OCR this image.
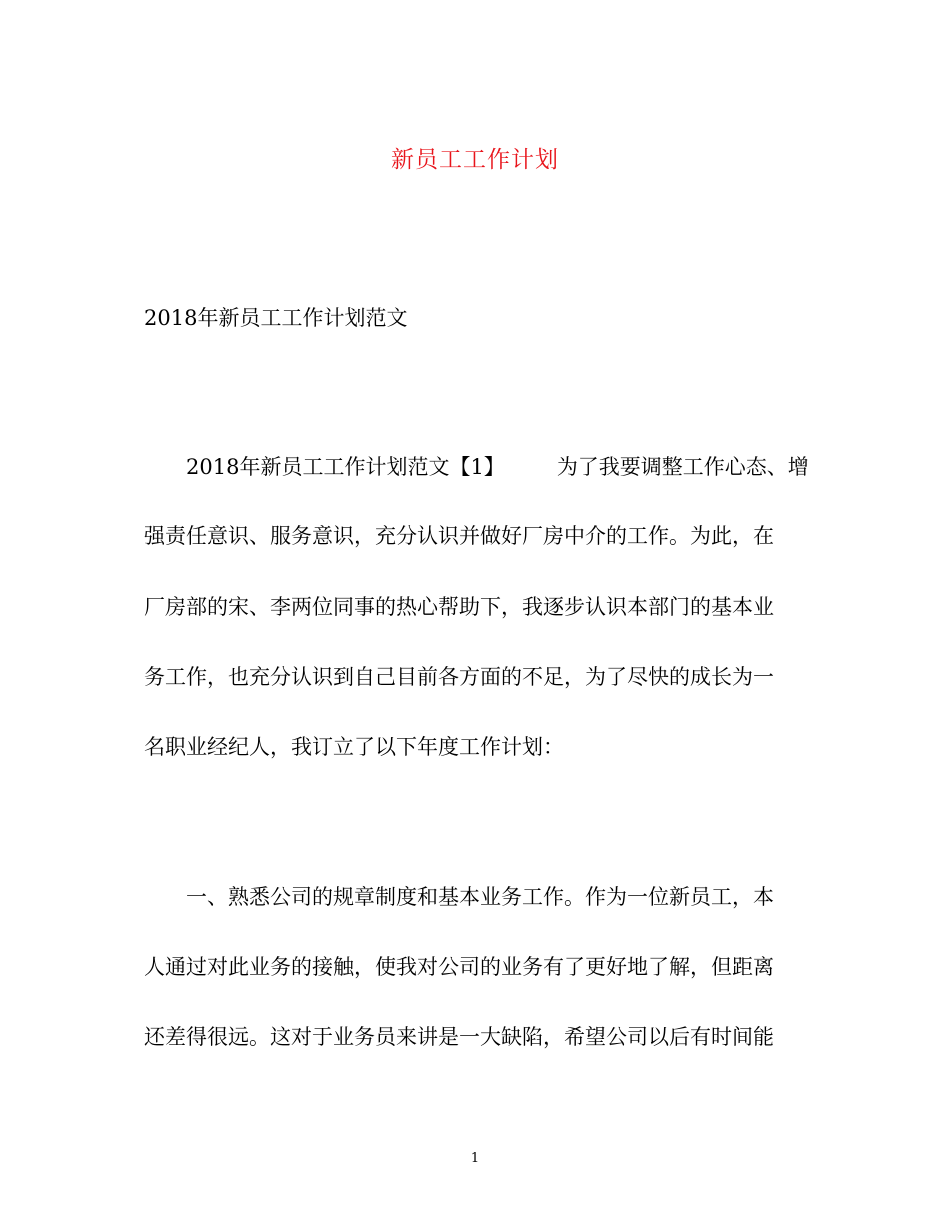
新员工工作计划
2018年新员工工作计划范文
2018年新员工工作计划范文【1】 为了我要调整工作心态、增
强责任意识、服务意识，充分认识并做好厂房中介的工作。为此，在
厂房部的宋、李两位同事的热心帮助下，我逐步认识本部门的基本业
务工作，也充分认识到自己目前各方面的不足，为了尽快的成长为一
名职业经纪人，我订立了以下年度工作计划：
一、熟悉公司的规章制度和基本业务工作。作为一位新员工，本
人通过对此业务的接触，使我对公司的业务有了更好地了解，但距离
还差得很远。这对于业务员来讲是一大缺陷，希望公司以后有时间能
1
